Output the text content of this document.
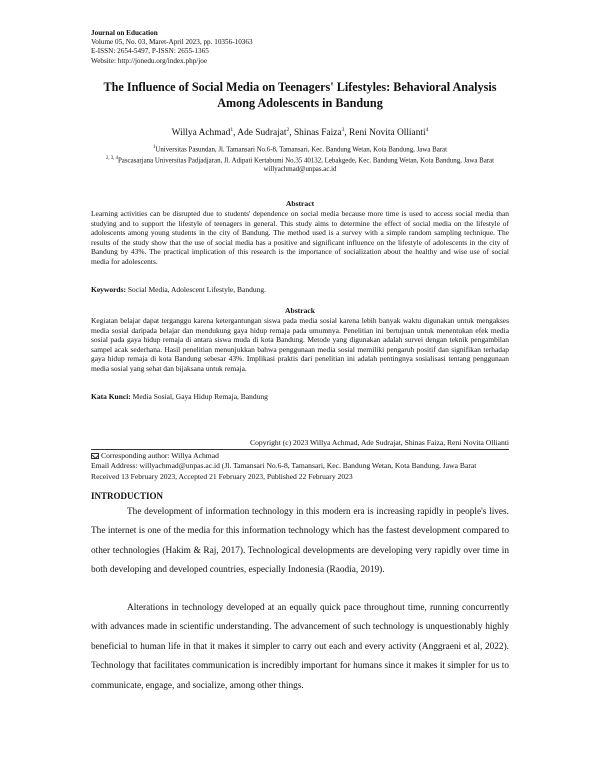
Journal on Education
Volume 05, No. 03, Maret-April 2023, pp. 10356-10363
E-ISSN: 2654-5497, P-ISSN: 2655-1365
Website: http://jonedu.org/index.php/joe
The Influence of Social Media on Teenagers' Lifestyles: Behavioral Analysis Among Adolescents in Bandung
Willya Achmad$^1$, Ade Sudrajat$^2$, Shinas Faiza$^3$, Reni Novita Ollianti$^4$
$^1$Universitas Pasundan, Jl. Tamansari No.6-8, Tamansari, Kec. Bandung Wetan, Kota Bandung, Jawa Barat
$^{2, 3, 4}$Pascasarjana Universitas Padjadjaran, Jl. Adipati Kertabumi No.35 40132, Lebakgede, Kec. Bandung Wetan, Kota Bandung, Jawa Barat
willyachmad@unpas.ac.id
Abstract
Learning activities can be disrupted due to students' dependence on social media because more time is used to access social media than studying and to support the lifestyle of teenagers in general. This study aims to determine the effect of social media on the lifestyle of adolescents among young students in the city of Bandung. The method used is a survey with a simple random sampling technique. The results of the study show that the use of social media has a positive and significant influence on the lifestyle of adolescents in the city of Bandung by 43%. The practical implication of this research is the importance of socialization about the healthy and wise use of social media for adolescents.
Keywords: Social Media, Adolescent Lifestyle, Bandung.
Abstrack
Kegiatan belajar dapat terganggu karena ketergantungan siswa pada media sosial karena lebih banyak waktu digunakan untuk mengakses media sosial daripada belajar dan mendukung gaya hidup remaja pada umumnya. Penelitian ini bertujuan untuk menentukan efek media sosial pada gaya hidup remaja di antara siswa muda di kota Bandung. Metode yang digunakan adalah survei dengan teknik pengambilan sampel acak sederhana. Hasil penelitian menunjukkan bahwa penggunaan media sosial memiliki pengaruh positif dan signifikan terhadap gaya hidup remaja di kota Bandung sebesar 43%. Implikasi praktis dari penelitian ini adalah pentingnya sosialisasi tentang penggunaan media sosial yang sehat dan bijaksana untuk remaja.
Kata Kunci: Media Sosial, Gaya Hidup Remaja, Bandung
Copyright (c) 2023 Willya Achmad, Ade Sudrajat, Shinas Faiza, Reni Novita Ollianti
Corresponding author: Willya Achmad
Email Address: willyachmad@unpas.ac.id (Jl. Tamansari No.6-8, Tamansari, Kec. Bandung Wetan, Kota Bandung, Jawa Barat
Received 13 February 2023, Accepted 21 February 2023, Published 22 February 2023
INTRODUCTION
The development of information technology in this modern era is increasing rapidly in people's lives. The internet is one of the media for this information technology which has the fastest development compared to other technologies (Hakim & Raj, 2017). Technological developments are developing very rapidly over time in both developing and developed countries, especially Indonesia (Raodia, 2019).
Alterations in technology developed at an equally quick pace throughout time, running concurrently with advances made in scientific understanding. The advancement of such technology is unquestionably highly beneficial to human life in that it makes it simpler to carry out each and every activity (Anggraeni et al, 2022). Technology that facilitates communication is incredibly important for humans since it makes it simpler for us to communicate, engage, and socialize, among other things.
